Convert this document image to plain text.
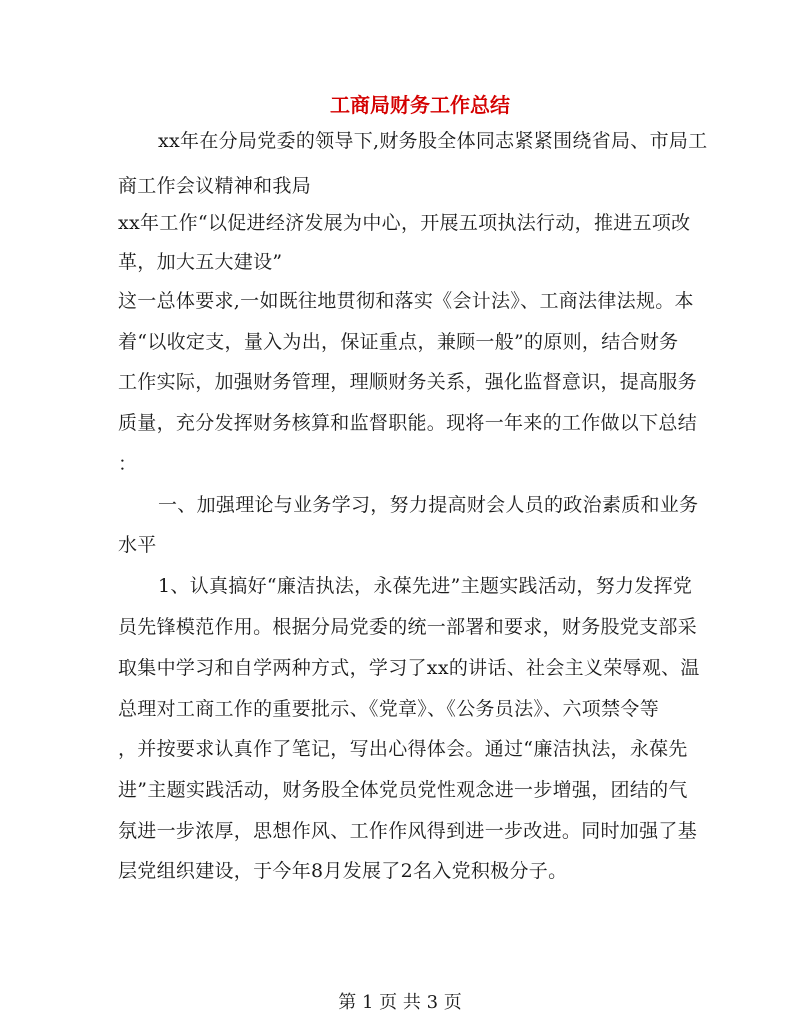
工商局财务工作总结
xx年在分局党委的领导下,财务股全体同志紧紧围绕省局、市局工
商工作会议精神和我局
xx年工作“以促进经济发展为中心，开展五项执法行动，推进五项改
革，加大五大建设”
这一总体要求,一如既往地贯彻和落实《会计法》、工商法律法规。本
着“以收定支，量入为出，保证重点，兼顾一般”的原则，结合财务
工作实际，加强财务管理，理顺财务关系，强化监督意识，提高服务
质量，充分发挥财务核算和监督职能。现将一年来的工作做以下总结
：
一、加强理论与业务学习，努力提高财会人员的政治素质和业务
水平
1、认真搞好“廉洁执法，永葆先进”主题实践活动，努力发挥党
员先锋模范作用。根据分局党委的统一部署和要求，财务股党支部采
取集中学习和自学两种方式，学习了xx的讲话、社会主义荣辱观、温
总理对工商工作的重要批示、《党章》、《公务员法》、六项禁令等
，并按要求认真作了笔记，写出心得体会。通过“廉洁执法，永葆先
进”主题实践活动，财务股全体党员党性观念进一步增强，团结的气
氛进一步浓厚，思想作风、工作作风得到进一步改进。同时加强了基
层党组织建设，于今年8月发展了2名入党积极分子。
第 1 页 共 3 页
